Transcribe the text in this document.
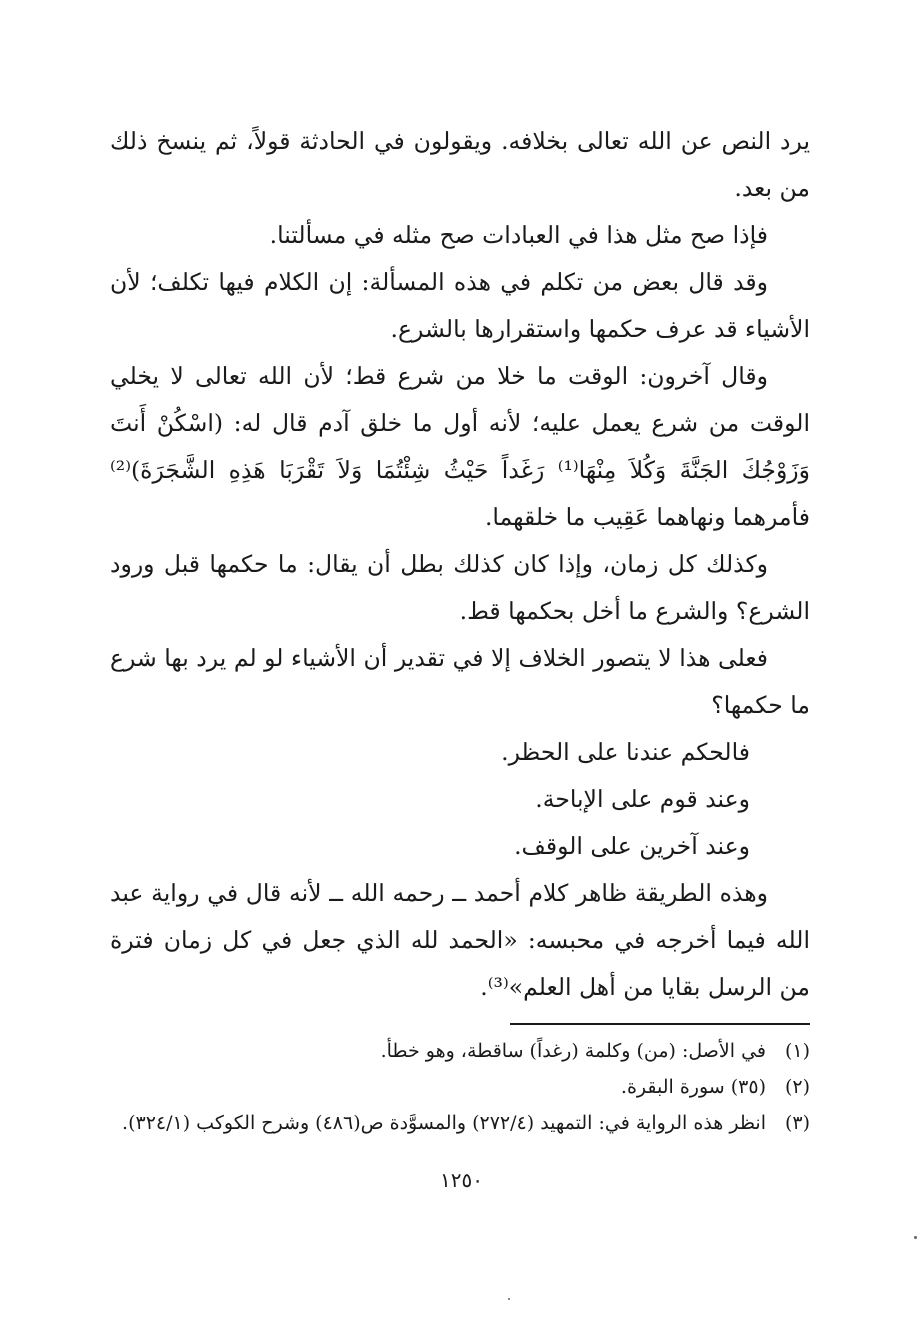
يرد النص عن الله تعالى بخلافه. ويقولون في الحادثة قولاً، ثم ينسخ ذلك من بعد.

فإذا صح مثل هذا في العبادات صح مثله في مسألتنا.

وقد قال بعض من تكلم في هذه المسألة: إن الكلام فيها تكلف؛ لأن الأشياء قد عرف حكمها واستقرارها بالشرع.

وقال آخرون: الوقت ما خلا من شرع قط؛ لأن الله تعالى لا يخلي الوقت من شرع يعمل عليه؛ لأنه أول ما خلق آدم قال له: (اسْكُنْ أَنتَ وَزَوْجُكَ الجَنَّةَ وَكُلاَ مِنْهَا⁽¹⁾ رَغَداً حَيْثُ شِئْتُمَا وَلاَ تَقْرَبَا هَذِهِ الشَّجَرَةَ)⁽²⁾ فأمرهما ونهاهما عَقِيب ما خلقهما.

وكذلك كل زمان، وإذا كان كذلك بطل أن يقال: ما حكمها قبل ورود الشرع؟ والشرع ما أخل بحكمها قط.

فعلى هذا لا يتصور الخلاف إلا في تقدير أن الأشياء لو لم يرد بها شرع ما حكمها؟

فالحكم عندنا على الحظر.

وعند قوم على الإباحة.

وعند آخرين على الوقف.

وهذه الطريقة ظاهر كلام أحمد ــ رحمه الله ــ لأنه قال في رواية عبد الله فيما أخرجه في محبسه: «الحمد لله الذي جعل في كل زمان فترة من الرسل بقايا من أهل العلم»⁽³⁾.

(١)
في الأصل: (من) وكلمة (رغداً) ساقطة، وهو خطأ.
(٢)
(٣٥) سورة البقرة.
(٣)
انظر هذه الرواية في: التمهيد (٢٧٢/٤) والمسوَّدة ص(٤٨٦) وشرح الكوكب (٣٢٤/١).
١٢٥٠
